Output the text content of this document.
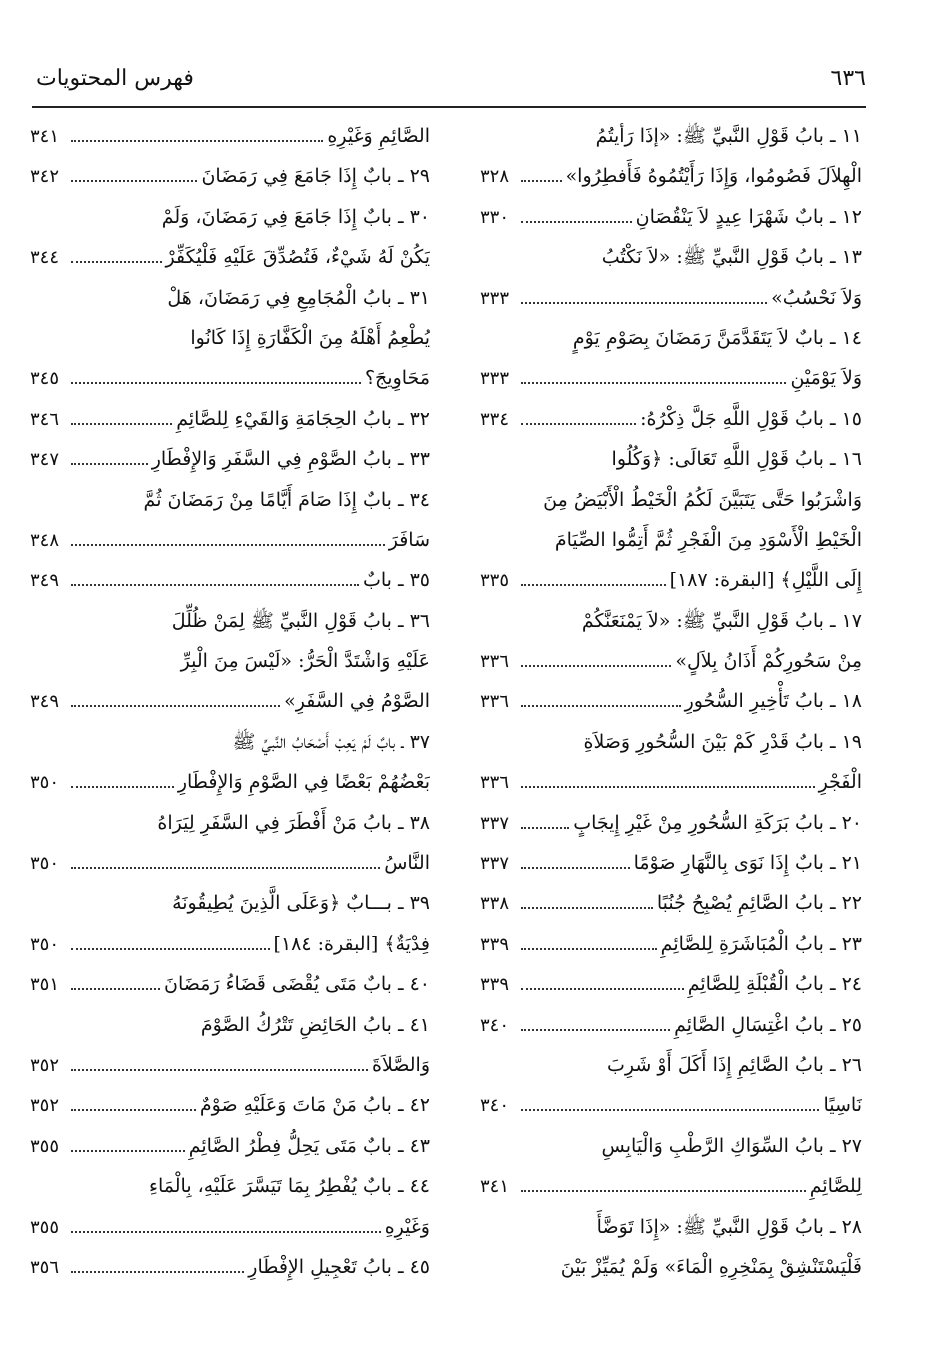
٦٣٦
فهرس المحتويات
١١ ـ بابُ قَوْلِ النَّبيِّ ﷺ: «إذَا رَأيتُمُ
الْهِلاَلَ فَصُومُوا، وَإِذَا رَأَيْتُمُوهُ فَأَفطِرُوا»
٣٢٨
١٢ ـ بابٌ شَهْرَا عِيدٍ لاَ يَنْقُصَانِ
٣٣٠
١٣ ـ بابُ قَوْلِ النَّبيِّ ﷺ: «لاَ نَكْتُبُ
وَلاَ نَحْسُبُ»
٣٣٣
١٤ ـ بابٌ لاَ يَتَقَدَّمَنَّ رَمَضَانَ بِصَوْمِ يَوْمٍ
وَلاَ يَوْمَيْنِ
٣٣٣
١٥ ـ بابُ قَوْلِ اللَّهِ جَلَّ ذِكْرُهُ:
٣٣٤
١٦ ـ بابُ قَوْلِ اللَّهِ تَعَالَى: ﴿وَكُلُوا
وَاشْرَبُوا حَتَّى يَتَبَيَّنَ لَكُمُ الْخَيْطُ الْأَبْيَضُ مِنَ
الْخَيْطِ الْأَسْوَدِ مِنَ الْفَجْرِ ثُمَّ أَتِمُّوا الصِّيَامَ
إِلَى اللَّيْلِ﴾ [البقرة: ١٨٧]
٣٣٥
١٧ ـ بابُ قَوْلِ النَّبيِّ ﷺ: «لاَ يَمْنَعَنَّكُمْ
مِنْ سَحُورِكُمْ أَذَانُ بِلاَلٍ»
٣٣٦
١٨ ـ بابُ تَأْخِيرِ السُّحُورِ
٣٣٦
١٩ ـ بابُ قَدْرِ كَمْ بَيْنَ السُّحُورِ وَصَلاَةِ
الْفَجْرِ
٣٣٦
٢٠ ـ بابُ بَرَكَةِ السُّحُورِ مِنْ غَيْرِ إِيجَابٍ
٣٣٧
٢١ ـ بابٌ إِذَا نَوَى بِالنَّهَارِ صَوْمًا
٣٣٧
٢٢ ـ بابُ الصَّائِمِ يُصْبِحُ جُنُبًا
٣٣٨
٢٣ ـ بابُ الْمُبَاشَرَةِ لِلصَّائِمِ
٣٣٩
٢٤ ـ بابُ الْقُبْلَةِ لِلصَّائِمِ
٣٣٩
٢٥ ـ بابُ اغْتِسَالِ الصَّائِمِ
٣٤٠
٢٦ ـ بابُ الصَّائِمِ إِذَا أَكَلَ أَوْ شَرِبَ
نَاسِيًا
٣٤٠
٢٧ ـ بابُ السِّوَاكِ الرَّطْبِ وَالْيَابِسِ
لِلصَّائِمِ
٣٤١
٢٨ ـ بابُ قَوْلِ النَّبيِّ ﷺ: «إِذَا تَوَضَّأَ
فَلْيَسْتَنْشِقْ بِمَنْخِرِهِ الْمَاءَ» وَلَمْ يُمَيِّزْ بَيْنَ
الصَّائِمِ وَغَيْرِهِ
٣٤١
٢٩ ـ بابٌ إِذَا جَامَعَ فِي رَمَضَانَ
٣٤٢
٣٠ ـ بابٌ إِذَا جَامَعَ فِي رَمَضَانَ، وَلَمْ
يَكُنْ لَهُ شَيْءٌ، فَتُصُدِّقَ عَلَيْهِ فَلْيُكَفِّرْ
٣٤٤
٣١ ـ بابُ الْمُجَامِعِ فِي رَمَضَانَ، هَلْ
يُطْعِمُ أَهْلَهُ مِنَ الْكَفَّارَةِ إِذَا كَانُوا
مَحَاوِيجَ؟
٣٤٥
٣٢ ـ بابُ الحِجَامَةِ وَالقَيْءِ لِلصَّائِمِ
٣٤٦
٣٣ ـ بابُ الصَّوْمِ فِي السَّفَرِ وَالإِفْطَارِ
٣٤٧
٣٤ ـ بابٌ إِذَا صَامَ أَيَّامًا مِنْ رَمَضَانَ ثُمَّ
سَافَرَ
٣٤٨
٣٥ ـ بابٌ
٣٤٩
٣٦ ـ بابُ قَوْلِ النَّبيِّ ﷺ لِمَنْ ظُلِّلَ
عَلَيْهِ وَاشْتَدَّ الْحَرُّ: «لَيْسَ مِنَ الْبِرِّ
الصَّوْمُ فِي السَّفَرِ»
٣٤٩
٣٧ ـ بابٌ لَمْ يَعِبْ أَصْحَابُ النَّبيِّ ﷺ
بَعْضُهُمْ بَعْضًا فِي الصَّوْمِ وَالإِفْطَارِ
٣٥٠
٣٨ ـ بابُ مَنْ أَفْطَرَ فِي السَّفَرِ لِيَرَاهُ
النَّاسُ
٣٥٠
٣٩ ـ بـــابٌ ﴿وَعَلَى الَّذِينَ يُطِيقُونَهُ
فِدْيَةٌ﴾ [البقرة: ١٨٤]
٣٥٠
٤٠ ـ بابٌ مَتَى يُقْضَى قَضَاءُ رَمَضَانَ
٣٥١
٤١ ـ بابُ الحَائِضِ تَتْرُكُ الصَّوْمَ
وَالصَّلاَةَ
٣٥٢
٤٢ ـ بابُ مَنْ مَاتَ وَعَلَيْهِ صَوْمٌ
٣٥٢
٤٣ ـ بابٌ مَتَى يَحِلُّ فِطْرُ الصَّائِمِ
٣٥٥
٤٤ ـ بابٌ يُفْطِرُ بِمَا تَيَسَّرَ عَلَيْهِ، بِالْمَاءِ
وَغَيْرِهِ
٣٥٥
٤٥ ـ بابُ تَعْجِيلِ الإِفْطَارِ
٣٥٦
